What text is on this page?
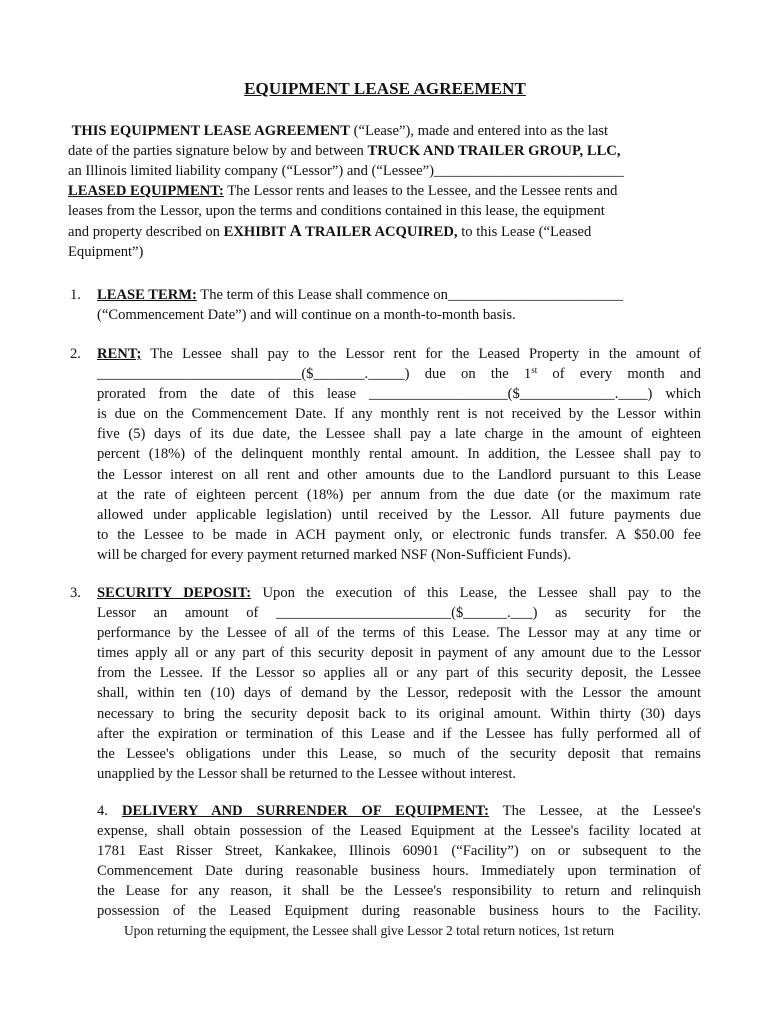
EQUIPMENT LEASE AGREEMENT
THIS EQUIPMENT LEASE AGREEMENT (“Lease”), made and entered into as the last
date of the parties signature below by and between TRUCK AND TRAILER GROUP, LLC,
an Illinois limited liability company (“Lessor”) and (“Lessee”)__________________________
LEASED EQUIPMENT: The Lessor rents and leases to the Lessee, and the Lessee rents and
leases from the Lessor, upon the terms and conditions contained in this lease, the equipment
and property described on EXHIBIT A TRAILER ACQUIRED, to this Lease (“Leased
Equipment”)
1. LEASE TERM: The term of this Lease shall commence on________________________
(“Commencement Date”) and will continue on a month-to-month basis.
2. RENT; The Lessee shall pay to the Lessor rent for the Leased Property in the amount of
____________________________($_______._____) due on the 1st of every month and
prorated from the date of this lease ___________________($_____________.____) which
is due on the Commencement Date. If any monthly rent is not received by the Lessor within
five (5) days of its due date, the Lessee shall pay a late charge in the amount of eighteen
percent (18%) of the delinquent monthly rental amount. In addition, the Lessee shall pay to
the Lessor interest on all rent and other amounts due to the Landlord pursuant to this Lease
at the rate of eighteen percent (18%) per annum from the due date (or the maximum rate
allowed under applicable legislation) until received by the Lessor. All future payments due
to the Lessee to be made in ACH payment only, or electronic funds transfer. A $50.00 fee
will be charged for every payment returned marked NSF (Non-Sufficient Funds).
3. SECURITY DEPOSIT: Upon the execution of this Lease, the Lessee shall pay to the
Lessor an amount of ________________________($______.___) as security for the
performance by the Lessee of all of the terms of this Lease. The Lessor may at any time or
times apply all or any part of this security deposit in payment of any amount due to the Lessor
from the Lessee. If the Lessor so applies all or any part of this security deposit, the Lessee
shall, within ten (10) days of demand by the Lessor, redeposit with the Lessor the amount
necessary to bring the security deposit back to its original amount. Within thirty (30) days
after the expiration or termination of this Lease and if the Lessee has fully performed all of
the Lessee's obligations under this Lease, so much of the security deposit that remains
unapplied by the Lessor shall be returned to the Lessee without interest.
4. DELIVERY AND SURRENDER OF EQUIPMENT: The Lessee, at the Lessee's
expense, shall obtain possession of the Leased Equipment at the Lessee's facility located at
1781 East Risser Street, Kankakee, Illinois 60901 (“Facility”) on or subsequent to the
Commencement Date during reasonable business hours. Immediately upon termination of
the Lease for any reason, it shall be the Lessee's responsibility to return and relinquish
possession of the Leased Equipment during reasonable business hours to the Facility.
Upon returning the equipment, the Lessee shall give Lessor 2 total return notices, 1st return
